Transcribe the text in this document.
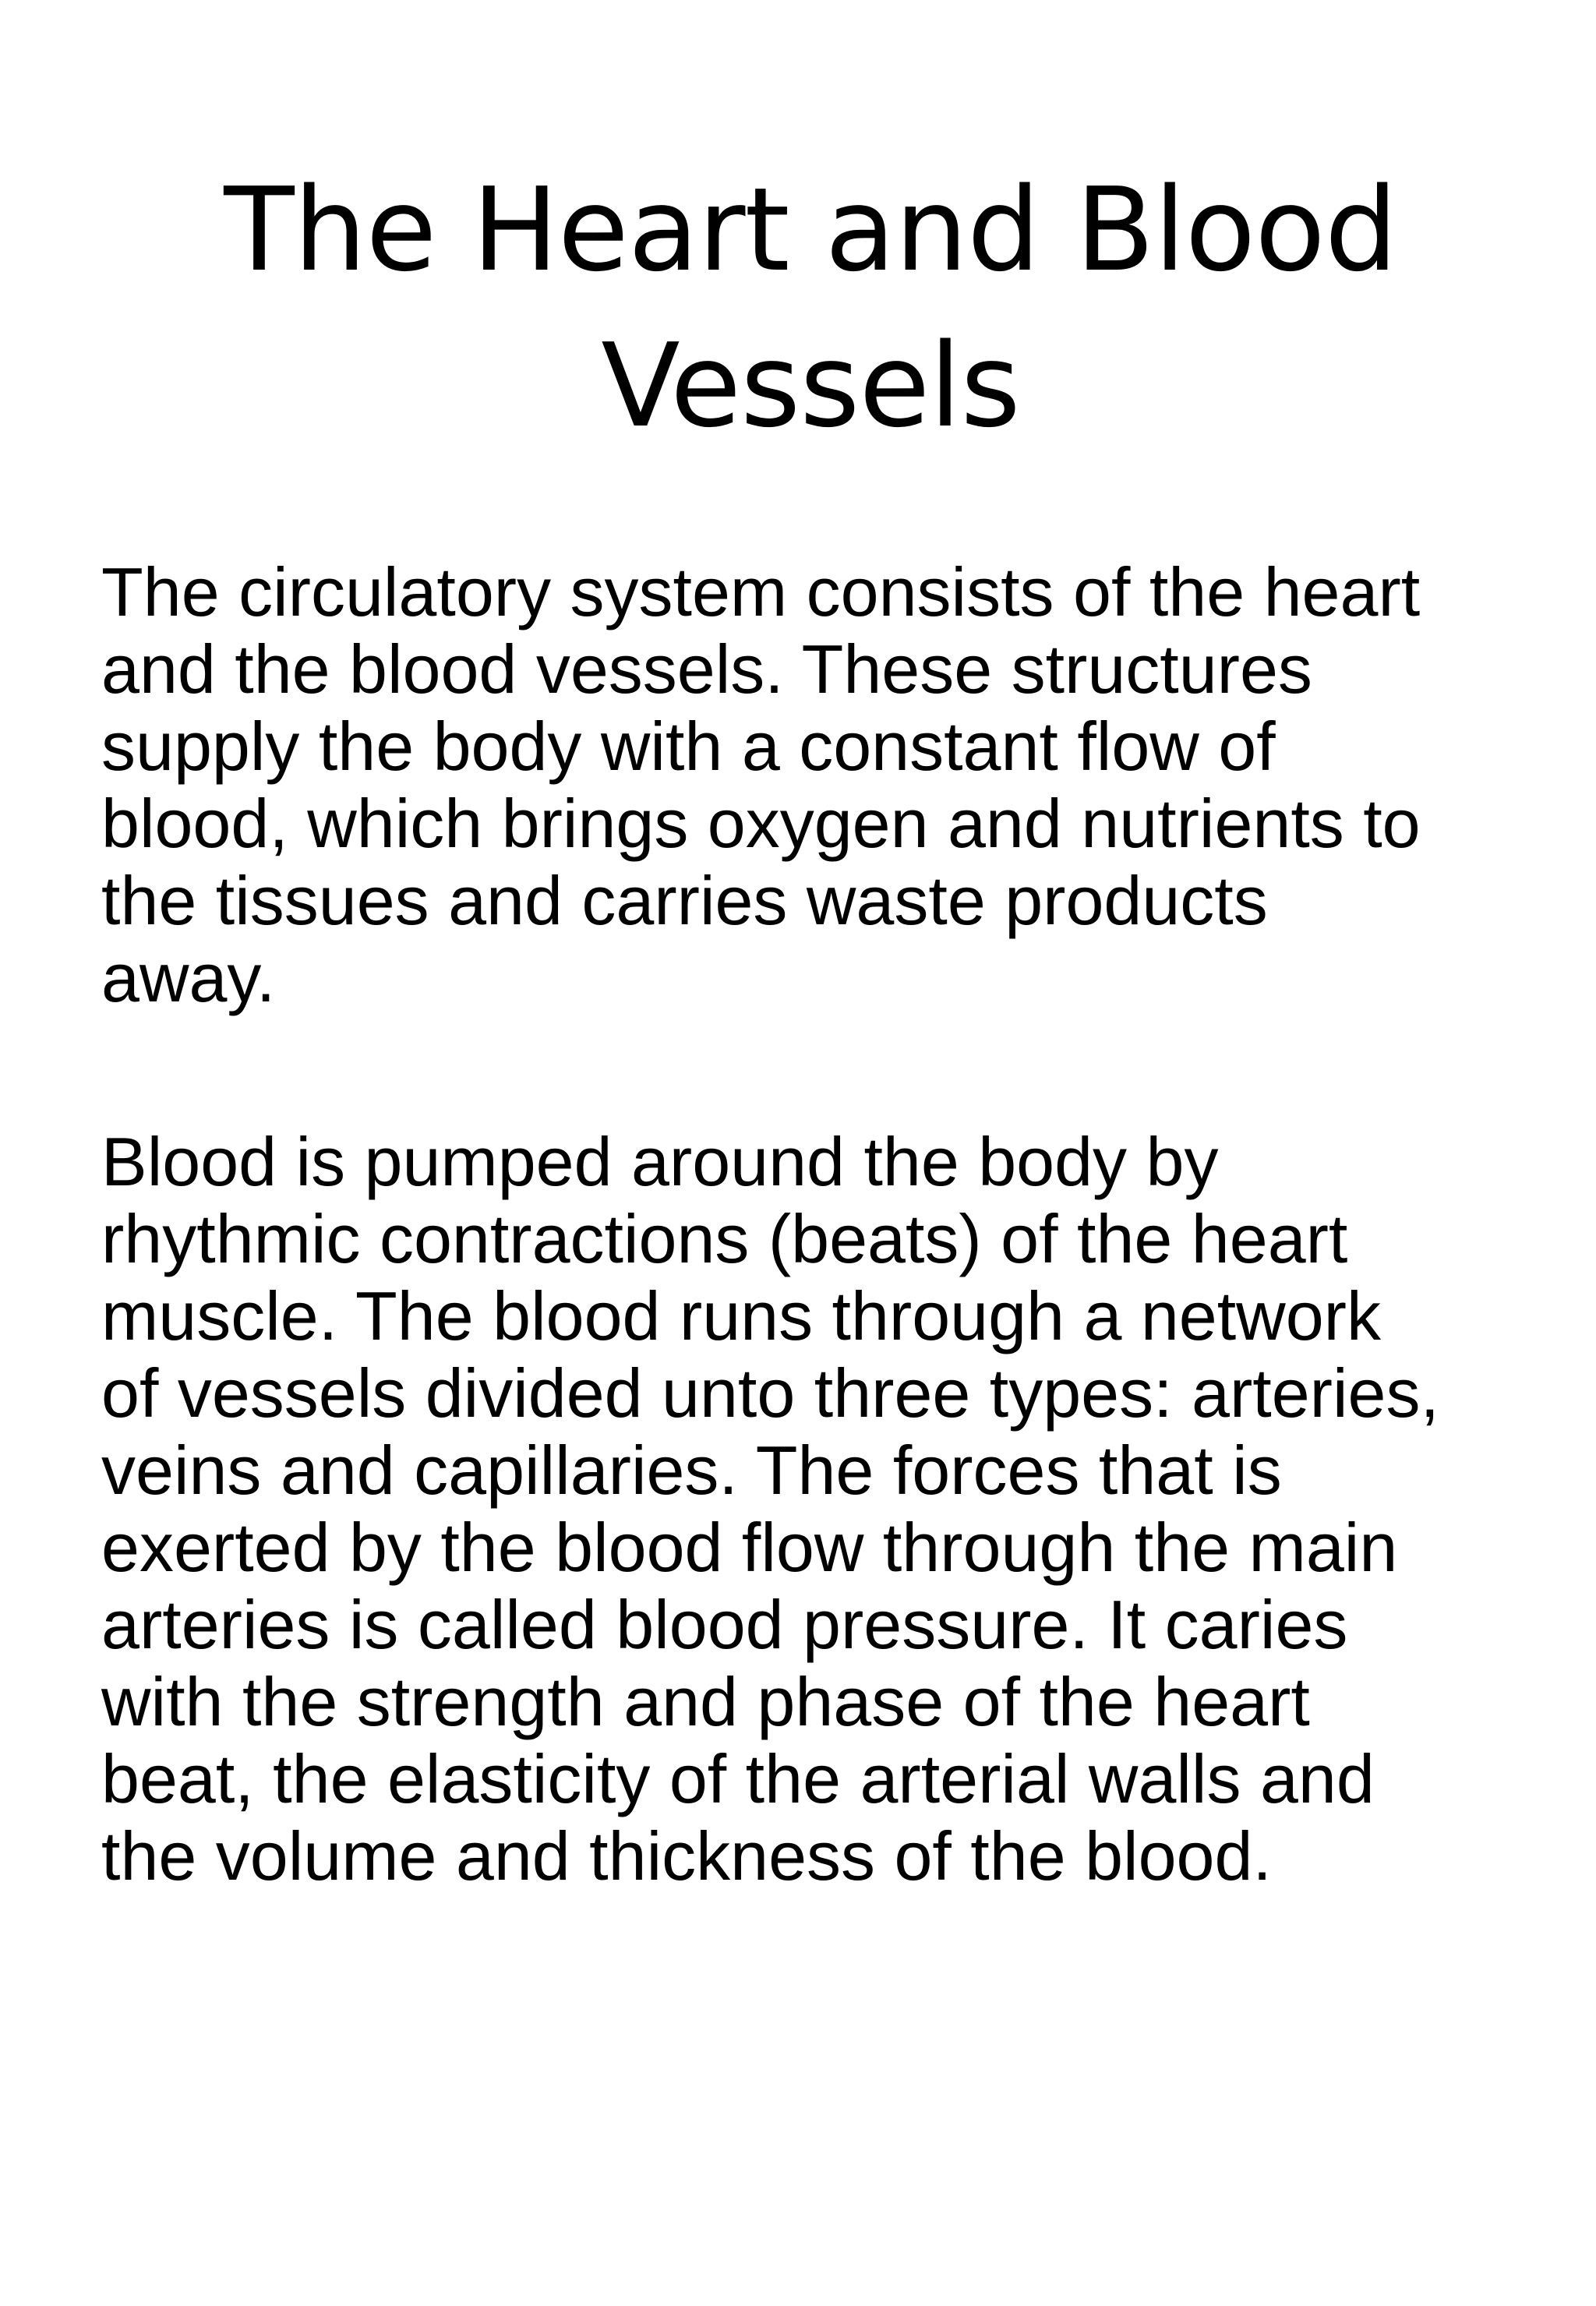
The Heart and Blood
Vessels

The circulatory system consists of the heart
and the blood vessels. These structures
supply the body with a constant flow of
blood, which brings oxygen and nutrients to
the tissues and carries waste products
away.

Blood is pumped around the body by
rhythmic contractions (beats) of the heart
muscle. The blood runs through a network
of vessels divided unto three types: arteries,
veins and capillaries. The forces that is
exerted by the blood flow through the main
arteries is called blood pressure. It caries
with the strength and phase of the heart
beat, the elasticity of the arterial walls and
the volume and thickness of the blood.
